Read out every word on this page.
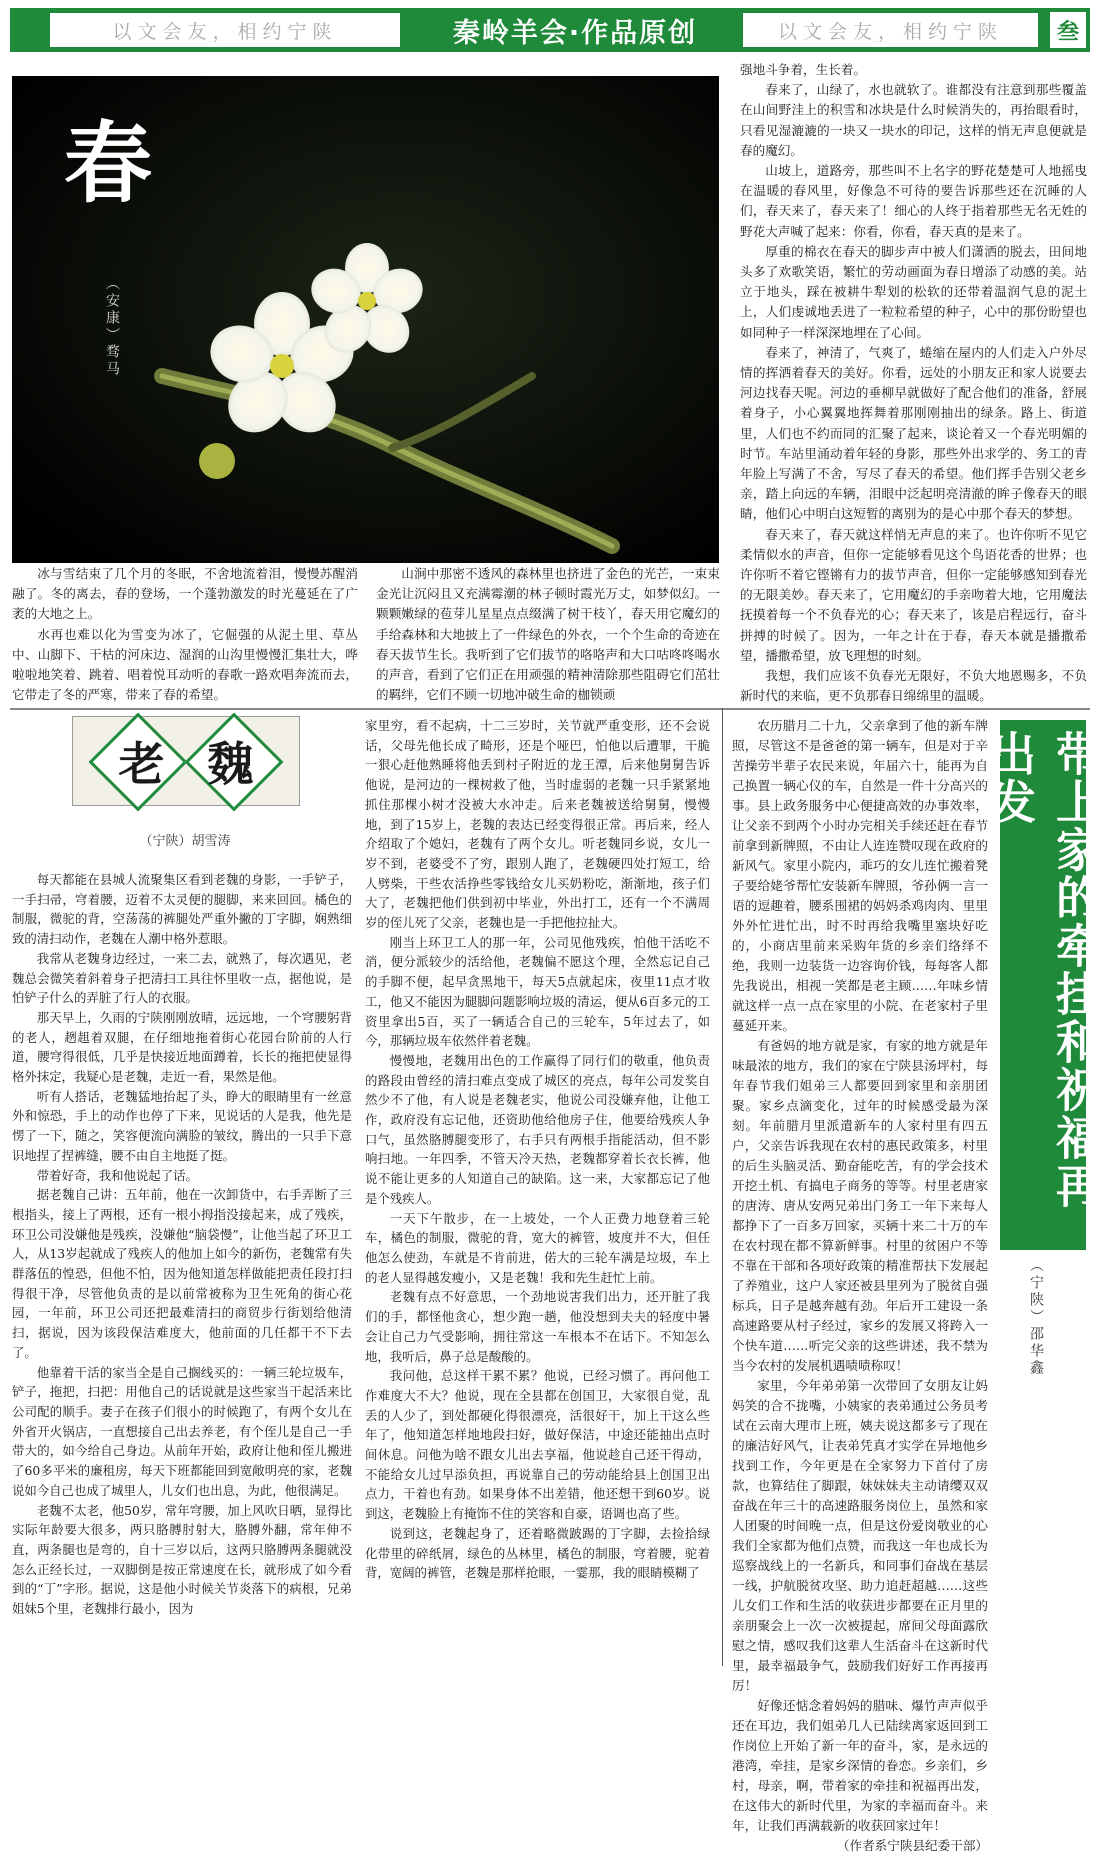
以文会友，相约宁陕	秦岭羊会·作品原创	以文会友，相约宁陕	叁
春
（安康）骛马

冰与雪结束了几个月的冬眠，不舍地流着泪，慢慢苏醒消融了。冬的离去，春的登场，一个蓬勃激发的时光蔓延在了广袤的大地之上。

水再也难以化为雪变为冰了，它倔强的从泥土里、草丛中、山脚下、干枯的河床边、湿润的山沟里慢慢汇集壮大，哗啦啦地笑着、跳着、唱着悦耳动听的春歌一路欢唱奔流而去，它带走了冬的严寒，带来了春的希望。

山涧中那密不透风的森林里也挤进了金色的光芒，一束束金光让沉闷且又充满霉潮的林子顿时霞光万丈，如梦似幻。一颗颗嫩绿的苞芽儿星星点点缀满了树干枝丫，春天用它魔幻的手给森林和大地披上了一件绿色的外衣，一个个生命的奇迹在春天拔节生长。我听到了它们拔节的咯咯声和大口咕咚咚喝水的声音，看到了它们正在用顽强的精神清除那些阻碍它们茁壮的羁绊，它们不顾一切地冲破生命的枷锁顽

强地斗争着，生长着。

春来了，山绿了，水也就软了。谁都没有注意到那些覆盖在山间野洼上的积雪和冰块是什么时候消失的，再抬眼看时，只看见湿漉漉的一块又一块水的印记，这样的悄无声息便就是春的魔幻。

山坡上，道路旁，那些叫不上名字的野花楚楚可人地摇曳在温暖的春风里，好像急不可待的要告诉那些还在沉睡的人们，春天来了，春天来了！细心的人终于指着那些无名无姓的野花大声喊了起来：你看，你看，春天真的是来了。

厚重的棉衣在春天的脚步声中被人们潇洒的脱去，田间地头多了欢歌笑语，繁忙的劳动画面为春日增添了动感的美。站立于地头，踩在被耕牛犁划的松软的还带着温润气息的泥土上，人们虔诚地丢进了一粒粒希望的种子，心中的那份盼望也如同种子一样深深地埋在了心间。

春来了，神清了，气爽了，蜷缩在屋内的人们走入户外尽情的挥洒着春天的美好。你看，远处的小朋友正和家人说要去河边找春天呢。河边的垂柳早就做好了配合他们的准备，舒展着身子，小心翼翼地挥舞着那刚刚抽出的绿条。路上、街道里，人们也不约而同的汇聚了起来，谈论着又一个春光明媚的时节。车站里涌动着年轻的身影，那些外出求学的、务工的青年脸上写满了不舍，写尽了春天的希望。他们挥手告别父老乡亲，踏上向远的车辆，泪眼中泛起明亮清澈的眸子像春天的眼睛，他们心中明白这短暂的离别为的是心中那个春天的梦想。

春天来了，春天就这样悄无声息的来了。也许你听不见它柔情似水的声音，但你一定能够看见这个鸟语花香的世界；也许你听不着它铿锵有力的拔节声音，但你一定能够感知到春光的无限美妙。春天来了，它用魔幻的手亲吻着大地，它用魔法抚摸着每一个不负春光的心；春天来了，该是启程远行，奋斗拼搏的时候了。因为，一年之计在于春，春天本就是播撒希望，播撒希望，放飞理想的时刻。

我想，我们应该不负春光无限好，不负大地恩赐多，不负新时代的来临，更不负那春日绵绵里的温暖。

老 魏
（宁陕）胡雪涛

每天都能在县城人流聚集区看到老魏的身影，一手铲子，一手扫帚，穹着腰，迈着不太灵便的腿脚，来来回回。橘色的制服，微驼的背，空荡荡的裤腿处严重外撇的丁字脚，娴熟细致的清扫动作，老魏在人潮中格外惹眼。

我常从老魏身边经过，一来二去，就熟了，每次遇见，老魏总会微笑着斜着身子把清扫工具往怀里收一点，据他说，是怕铲子什么的弄脏了行人的衣服。

那天早上，久雨的宁陕刚刚放晴，远远地，一个穹腰躬背的老人，趔趄着双腿，在仔细地拖着街心花园台阶前的人行道，腰穹得很低，几乎是快接近地面蹲着，长长的拖把使显得格外抹定，我疑心是老魏，走近一看，果然是他。

听有人搭话，老魏猛地抬起了头，睁大的眼睛里有一丝意外和惊恐，手上的动作也停了下来，见说话的人是我，他先是愣了一下，随之，笑容便流向满脸的皱纹，腾出的一只手下意识地捏了捏裤缝，腰不由自主地挺了挺。

带着好奇，我和他说起了话。

据老魏自己讲：五年前，他在一次卸货中，右手弄断了三根指头，接上了两根，还有一根小拇指没接起来，成了残疾，环卫公司没嫌他是残疾，没嫌他“脑袋慢”，让他当起了环卫工人，从13岁起就成了残疾人的他加上如今的新伤，老魏常有失群落伍的惶恐，但他不怕，因为他知道怎样做能把责任段打扫得很干净，尽管他负责的是以前常被称为卫生死角的街心花园，一年前，环卫公司还把最难清扫的商贸步行街划给他清扫，据说，因为该段保洁难度大，他前面的几任都干不下去了。

他靠着干活的家当全是自己搁线买的：一辆三轮垃圾车，铲子，拖把，扫把：用他自己的话说就是这些家当干起活来比公司配的顺手。妻子在孩子们很小的时候跑了，有两个女儿在外省开火锅店，一直想接自己出去养老，有个侄儿是自己一手带大的，如今给自己身边。从前年开始，政府让他和侄儿搬进了60多平米的廉租房，每天下班都能回到宽敞明亮的家，老魏说如今自己也成了城里人，儿女们也出息，为此，他很满足。

老魏不太老，他50岁，常年穹腰，加上风吹日晒，显得比实际年龄要大很多，两只胳膊肘射大，胳膊外翻，常年伸不直，两条腿也是弯的，自十三岁以后，这两只胳膊两条腿就没怎么正经长过，一双脚倒是按正常速度在长，就形成了如今看到的“丁”字形。据说，这是他小时候关节炎落下的病根，兄弟姐妹5个里，老魏排行最小，因为

家里穷，看不起病，十二三岁时，关节就严重变形，还不会说话，父母先他长成了畸形，还是个哑巴，怕他以后遭罪，干脆一狠心赶他熟睡将他丢到村子附近的龙王潭，后来他舅舅告诉他说，是河边的一棵树救了他，当时虚弱的老魏一只手紧紧地抓住那棵小树才没被大水冲走。后来老魏被送给舅舅，慢慢地，到了15岁上，老魏的表达已经变得很正常。再后来，经人介绍取了个媳妇，老魏有了两个女儿。听老魏同乡说，女儿一岁不到，老婆受不了穷，跟别人跑了，老魏硬四处打短工，给人劈柴，干些农活挣些零钱给女儿买奶粉吃，渐渐地，孩子们大了，老魏把他们供到初中毕业，外出打工，还有一个不满周岁的侄儿死了父亲，老魏也是一手把他拉扯大。

刚当上环卫工人的那一年，公司见他残疾，怕他干活吃不消，便分派较少的活给他，老魏偏不愿这个理，全然忘记自己的手脚不便，起早贪黑地干，每天5点就起床，夜里11点才收工，他又不能因为腿脚问题影响垃圾的清运，便从6百多元的工资里拿出5百，买了一辆适合自己的三轮车，5年过去了，如今，那辆垃圾车依然伴着老魏。

慢慢地，老魏用出色的工作赢得了同行们的敬重，他负责的路段由曾经的清扫难点变成了城区的亮点，每年公司发奖自然少不了他，有人说是老魏老实，他说公司没嫌弃他，让他工作，政府没有忘记他，还资助他给他房子住，他要给残疾人争口气，虽然胳膊腿变形了，右手只有两根手指能活动，但不影响扫地。一年四季，不管天冷天热，老魏都穿着长衣长裤，他说不能让更多的人知道自己的缺陷。这一来，大家都忘记了他是个残疾人。

一天下午散步，在一上坡处，一个人正费力地登着三轮车，橘色的制服，微驼的背，宽大的裤管，坡度并不大，但任他怎么使劲，车就是不肯前进，偌大的三轮车满是垃圾，车上的老人显得越发瘦小，又是老魏！我和先生赶忙上前。

老魏有点不好意思，一个劲地说害我们出力，还开脏了我们的手，都怪他贪心，想少跑一趟，他没想到夫夫的轻度中暑会让自己力气受影响，拥往常这一车根本不在话下。不知怎么地，我听后，鼻子总是酸酸的。

我问他，总这样干累不累？他说，已经习惯了。再问他工作难度大不大？他说，现在全县都在创国卫，大家很自觉，乱丢的人少了，到处都硬化得很漂亮，活很好干，加上干这么些年了，他知道怎样地地段扫好，做好保洁，中途还能抽出点时间休息。问他为啥不跟女儿出去享福，他说趁自己还干得动，不能给女儿过早添负担，再说靠自己的劳动能给县上创国卫出点力，干着也有劲。如果身体不出差错，他还想干到60岁。说到这，老魏脸上有掩饰不住的笑容和自豪，语调也高了些。

说到这，老魏起身了，还着略微跛踢的丁字脚，去捡拾绿化带里的碎纸屑，绿色的丛林里，橘色的制服，穹着腰，驼着背，宽阔的裤管，老魏是那样抢眼，一霎那，我的眼睛模糊了

农历腊月二十九，父亲拿到了他的新车牌照，尽管这不是爸爸的第一辆车，但是对于辛苦操劳半辈子农民来说，年届六十，能再为自己换置一辆心仪的车，自然是一件十分高兴的事。县上政务服务中心便捷高效的办事效率，让父亲不到两个小时办完相关手续还赶在春节前拿到新牌照，不由让人连连赞叹现在政府的新风气。家里小院内，乖巧的女儿连忙搬着凳子要给姥爷帮忙安装新车牌照，爷孙俩一言一语的逗趣着，腰系围裙的妈妈杀鸡肉肉、里里外外忙进忙出，时不时再给我嘴里塞块好吃的，小商店里前来采购年货的乡亲们络绎不绝，我则一边装货一边容询价钱，每每客人都先我说出，相视一笑都是老主顾……年味乡情就这样一点一点在家里的小院、在老家村子里蔓延开来。

有爸妈的地方就是家，有家的地方就是年味最浓的地方，我们的家在宁陕县汤坪村，每年春节我们姐弟三人都要回到家里和亲朋团聚。家乡点滴变化，过年的时候感受最为深刻。年前腊月里派遣新车的人家村里有四五户，父亲告诉我现在农村的惠民政策多，村里的后生头脑灵活、勤奋能吃苦，有的学会技术开挖土机、有搞电子商务的等等。村里老唐家的唐涛、唐从安两兄弟出门务工一年下来每人都挣下了一百多万回家，买辆十来二十万的车在农村现在都不算新鲜事。村里的贫困户不等不靠在干部和各项好政策的精准帮扶下发展起了养殖业，这户人家还被县里列为了脱贫自强标兵，日子是越奔越有劲。年后开工建设一条高速路要从村子经过，家乡的发展又将跨入一个快车道……听完父亲的这些讲述，我不禁为当今农村的发展机遇啧啧称叹！

家里，今年弟弟第一次带回了女朋友让妈妈笑的合不拢嘴，小姨家的表弟通过公务员考试在云南大理市上班，姨夫说这都多亏了现在的廉洁好风气，让表弟凭真才实学在异地他乡找到工作，今年更是在全家努力下首付了房款，也算结住了脚跟，妹妹妹夫主动请缨双双奋战在年三十的高速路服务岗位上，虽然和家人团聚的时间晚一点，但是这份爱岗敬业的心我们全家都为他们点赞，而我这一年也成长为巡察战线上的一名新兵，和同事们奋战在基层一线，护航脱贫攻坚、助力追赶超越……这些儿女们工作和生活的收获进步都要在正月里的亲朋聚会上一次一次被提起，席间父母面露欣慰之情，感叹我们这辈人生活奋斗在这新时代里，最幸福最争气，鼓励我们好好工作再接再厉！

好像还惦念着妈妈的腊味、爆竹声声似乎还在耳边，我们姐弟几人已陆续离家返回到工作岗位上开始了新一年的奋斗，家，是永远的港湾，牵挂，是家乡深情的眷恋。乡亲们，乡村，母亲，啊，带着家的牵挂和祝福再出发，在这伟大的新时代里，为家的幸福而奋斗。来年，让我们再满载新的收获回家过年！

（作者系宁陕县纪委干部）

带上家的牵挂和祝福再出发
（宁陕）邵华鑫
